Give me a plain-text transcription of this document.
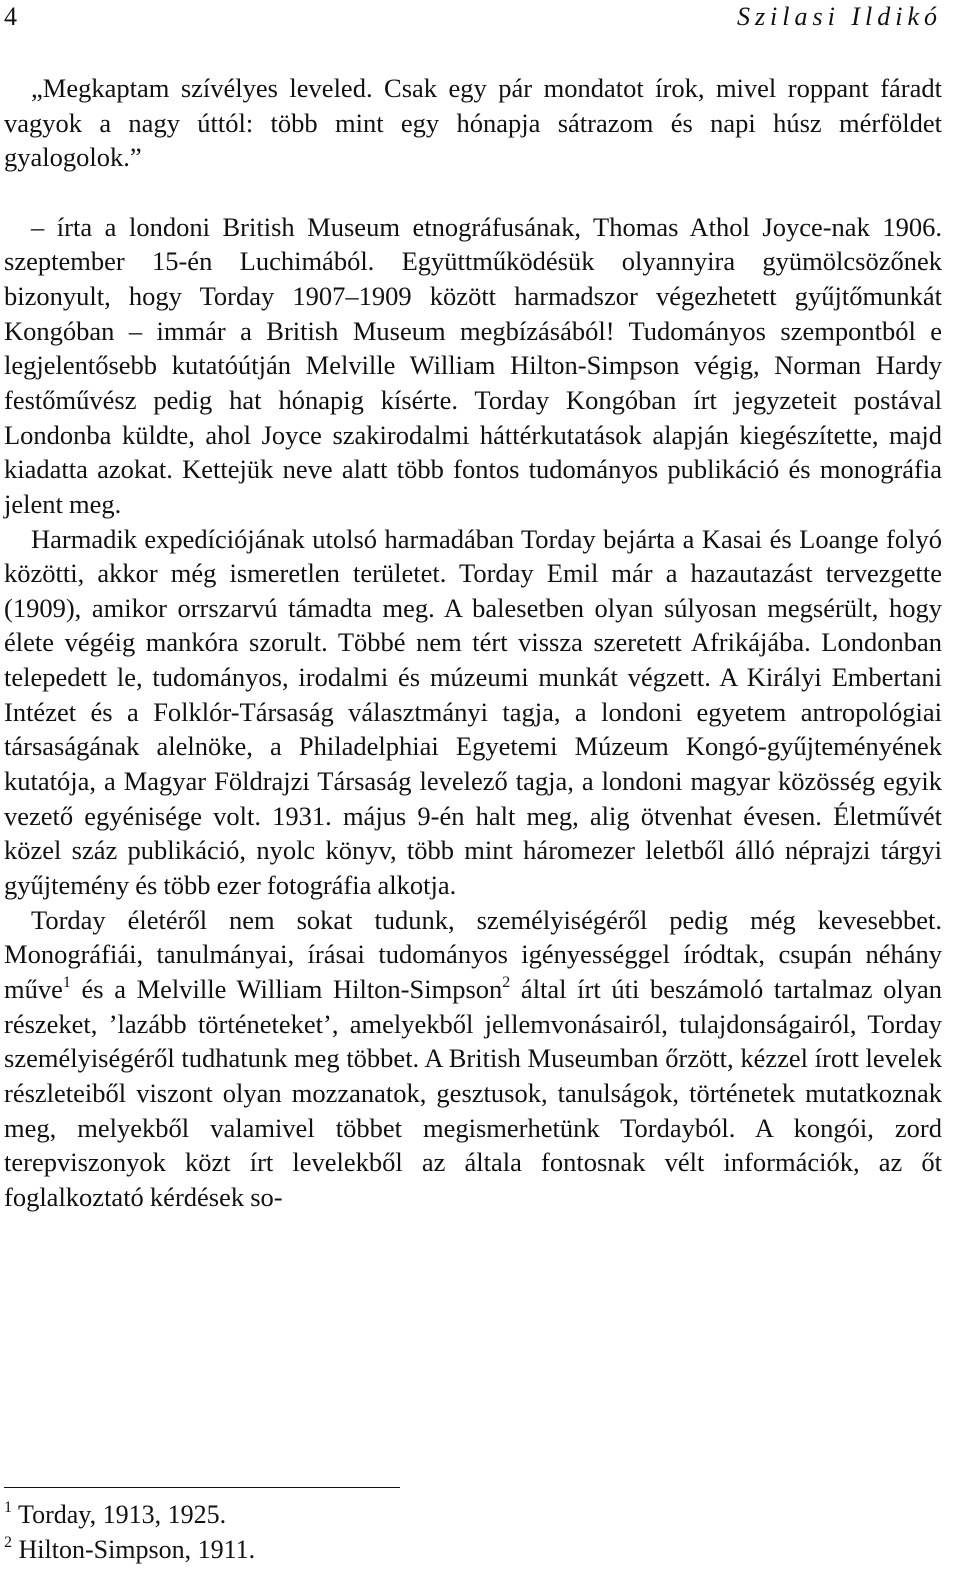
4	Szilasi Ildikó

„Megkaptam szívélyes leveled. Csak egy pár mondatot írok, mivel roppant fáradt vagyok a nagy úttól: több mint egy hónapja sátrazom és napi húsz mérföldet gyalogolok.”

– írta a londoni British Museum etnográfusának, Thomas Athol Joyce-nak 1906. szeptember 15-én Luchimából. Együttműködésük olyannyira gyümölcsözőnek bizonyult, hogy Torday 1907–1909 között harmadszor végezhetett gyűjtőmunkát Kongóban – immár a British Museum megbízásából! Tudományos szempontból e legjelentősebb kutatóútján Melville William Hilton-Simpson végig, Norman Hardy festőművész pedig hat hónapig kísérte. Torday Kongóban írt jegyzeteit postával Londonba küldte, ahol Joyce szakirodalmi háttérkutatások alapján kiegészítette, majd kiadatta azokat. Kettejük neve alatt több fontos tudományos publikáció és monográfia jelent meg.

Harmadik expedíciójának utolsó harmadában Torday bejárta a Kasai és Loange folyó közötti, akkor még ismeretlen területet. Torday Emil már a hazautazást tervezgette (1909), amikor orrszarvú támadta meg. A balesetben olyan súlyosan megsérült, hogy élete végéig mankóra szorult. Többé nem tért vissza szeretett Afrikájába. Londonban telepedett le, tudományos, irodalmi és múzeumi munkát végzett. A Királyi Embertani Intézet és a Folklór-Társaság választmányi tagja, a londoni egyetem antropológiai társaságának alelnöke, a Philadelphiai Egyetemi Múzeum Kongó-gyűjteményének kutatója, a Magyar Földrajzi Társaság levelező tagja, a londoni magyar közösség egyik vezető egyénisége volt. 1931. május 9-én halt meg, alig ötvenhat évesen. Életművét közel száz publikáció, nyolc könyv, több mint háromezer leletből álló néprajzi tárgyi gyűjtemény és több ezer fotográfia alkotja.

Torday életéről nem sokat tudunk, személyiségéről pedig még kevesebbet. Monográfiái, tanulmányai, írásai tudományos igényességgel íródtak, csupán néhány műve$^1$ és a Melville William Hilton-Simpson$^2$ által írt úti beszámoló tartalmaz olyan részeket, ’lazább történeteket’, amelyekből jellemvonásairól, tulajdonságairól, Torday személyiségéről tudhatunk meg többet. A British Museumban őrzött, kézzel írott levelek részleteiből viszont olyan mozzanatok, gesztusok, tanulságok, történetek mutatkoznak meg, melyekből valamivel többet megismerhetünk Tordayból. A kongói, zord terepviszonyok közt írt levelekből az általa fontosnak vélt információk, az őt foglalkoztató kérdések so-

$^1$ Torday, 1913, 1925.

$^2$ Hilton-Simpson, 1911.
